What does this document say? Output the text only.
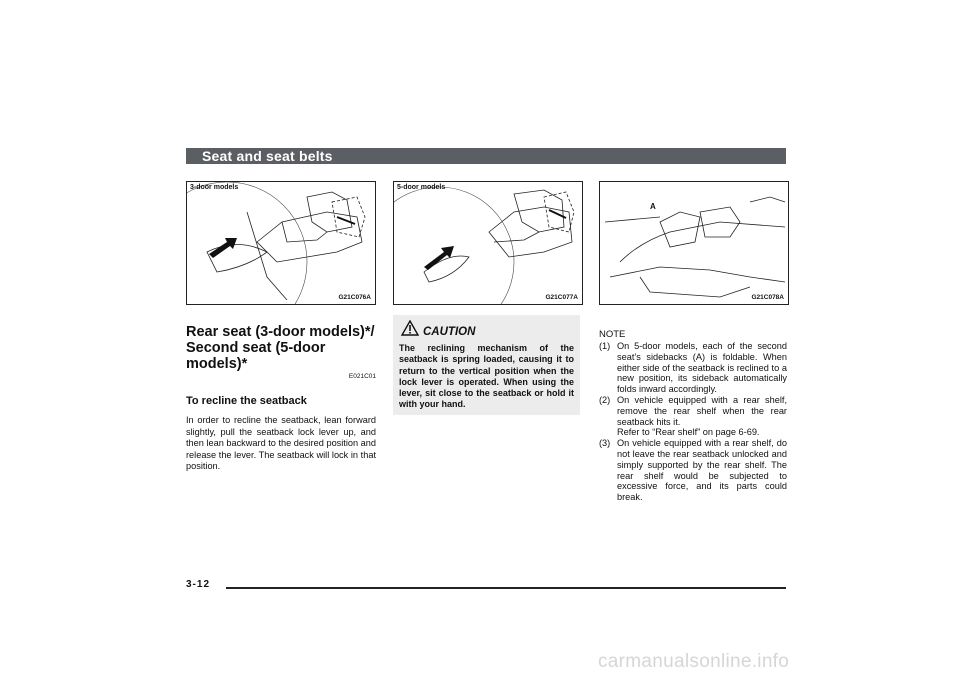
Seat and seat belts
3-door models
G21C076A
5-door models
G21C077A
A
G21C078A

Rear seat (3-door models)*/

Second seat (5-door models)*

E021C01

To recline the seatback

In order to recline the seatback, lean forward slightly, pull the seatback lock lever up, and then lean backward to the desired position and release the lever. The seatback will lock in that position.

CAUTION
The reclining mechanism of the seatback is spring loaded, causing it to return to the vertical position when the lock lever is operated. When using the lever, sit close to the seatback or hold it with your hand.

NOTE

(1) On 5-door models, each of the second seat’s sidebacks (A) is foldable. When either side of the seatback is reclined to a new position, its sideback automatically folds inward accordingly.
(2) On vehicle equipped with a rear shelf, remove the rear shelf when the rear seatback hits it.
Refer to “Rear shelf” on page 6-69.
(3) On vehicle equipped with a rear shelf, do not leave the rear seatback unlocked and simply supported by the rear shelf. The rear shelf would be subjected to excessive force, and its parts could break.
3-12
carmanualsonline.info
